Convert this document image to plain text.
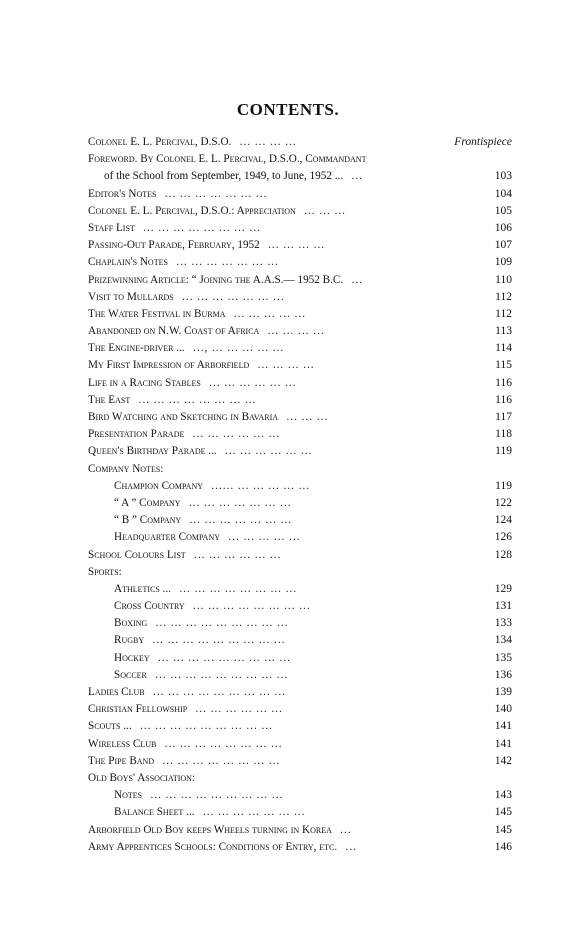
CONTENTS.
Colonel E. L. Percival, D.S.O. ... ... ... ...	Frontispiece
Foreword. By Colonel E. L. Percival, D.S.O., Commandant
of the School from September, 1949, to June, 1952 ... ...	103
Editor's Notes ... ... ... ... ... ... ...	104
Colonel E. L. Percival, D.S.O.: Appreciation ... ... ...	105
Staff List ... ... ... ... ... ... ... ...	106
Passing-Out Parade, February, 1952 ... ... ... ...	107
Chaplain's Notes ... ... ... ... ... ... ...	109
Prizewinning Article: “ Joining the A.A.S.— 1952 B.C. ...	110
Visit to Mullards ... ... ... ... ... ... ...	112
The Water Festival in Burma ... ... ... ... ...	112
Abandoned on N.W. Coast of Africa ... ... ... ...	113
The Engine-driver ... ..., ... ... ... ... ...	114
My First Impression of Arborfield ... ... ... ...	115
Life in a Racing Stables ... ... ... ... ... ...	116
The East ... ... ... ... ... ... ... ...	116
Bird Watching and Sketching in Bavaria ... ... ...	117
Presentation Parade ... ... ... ... ... ...	118
Queen's Birthday Parade ... ... ... ... ... ... ...	119
Company Notes:
Champion Company ...... ... ... ... ... ...	119
“ A ” Company ... ... ... ... ... ... ...	122
“ B ” Company ... ... ... ... ... ... ...	124
Headquarter Company ... ... ... ... ...	126
School Colours List ... ... ... ... ... ...	128
Sports:
Athletics ... ... ... ... ... ... ... ... ...	129
Cross Country ... ... ... ... ... ... ... ...	131
Boxing ... ... ... ... ... ... ... ... ...	133
Rugby ... ... ... ... ... ... ... ... ...	134
Hockey ... ... ... ... ... ... ... ... ...	135
Soccer ... ... ... ... ... ... ... ... ...	136
Ladies Club ... ... ... ... ... ... ... ... ...	139
Christian Fellowship ... ... ... ... ... ...	140
Scouts ... ... ... ... ... ... ... ... ... ...	141
Wireless Club ... ... ... ... ... ... ... ...	141
The Pipe Band ... ... ... ... ... ... ... ...	142
Old Boys' Association:
Notes ... ... ... ... ... ... ... ... ...	143
Balance Sheet ... ... ... ... ... ... ... ...	145
Arborfield Old Boy keeps Wheels turning in Korea ...	145
Army Apprentices Schools: Conditions of Entry, etc. ...	146
